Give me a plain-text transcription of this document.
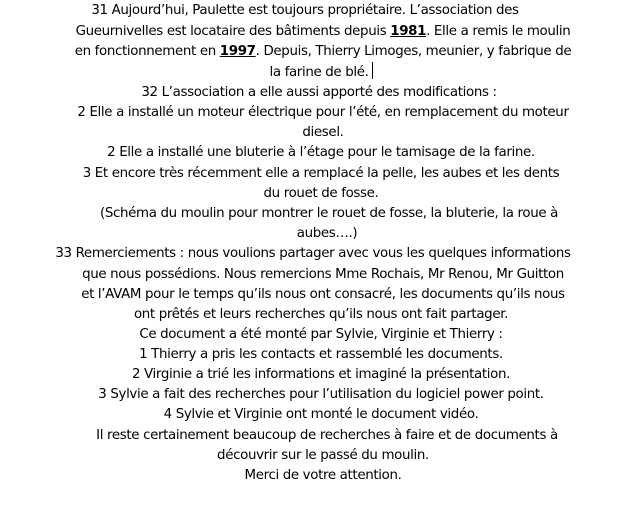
31 Aujourd’hui, Paulette est toujours propriétaire. L’association des
Gueurnivelles est locataire des bâtiments depuis 1981. Elle a remis le moulin
en fonctionnement en 1997. Depuis, Thierry Limoges, meunier, y fabrique de
la farine de blé.
32 L’association a elle aussi apporté des modifications :
2 Elle a installé un moteur électrique pour l’été, en remplacement du moteur
diesel.
2 Elle a installé une bluterie à l’étage pour le tamisage de la farine.
3 Et encore très récemment elle a remplacé la pelle, les aubes et les dents
du rouet de fosse.
(Schéma du moulin pour montrer le rouet de fosse, la bluterie, la roue à
aubes….)
33 Remerciements : nous voulions partager avec vous les quelques informations
que nous possédions. Nous remercions Mme Rochais, Mr Renou, Mr Guitton
et l’AVAM pour le temps qu’ils nous ont consacré, les documents qu’ils nous
ont prêtés et leurs recherches qu’ils nous ont fait partager.
Ce document a été monté par Sylvie, Virginie et Thierry :
1 Thierry a pris les contacts et rassemblé les documents.
2 Virginie a trié les informations et imaginé la présentation.
3 Sylvie a fait des recherches pour l’utilisation du logiciel power point.
4 Sylvie et Virginie ont monté le document vidéo.
Il reste certainement beaucoup de recherches à faire et de documents à
découvrir sur le passé du moulin.
Merci de votre attention.
